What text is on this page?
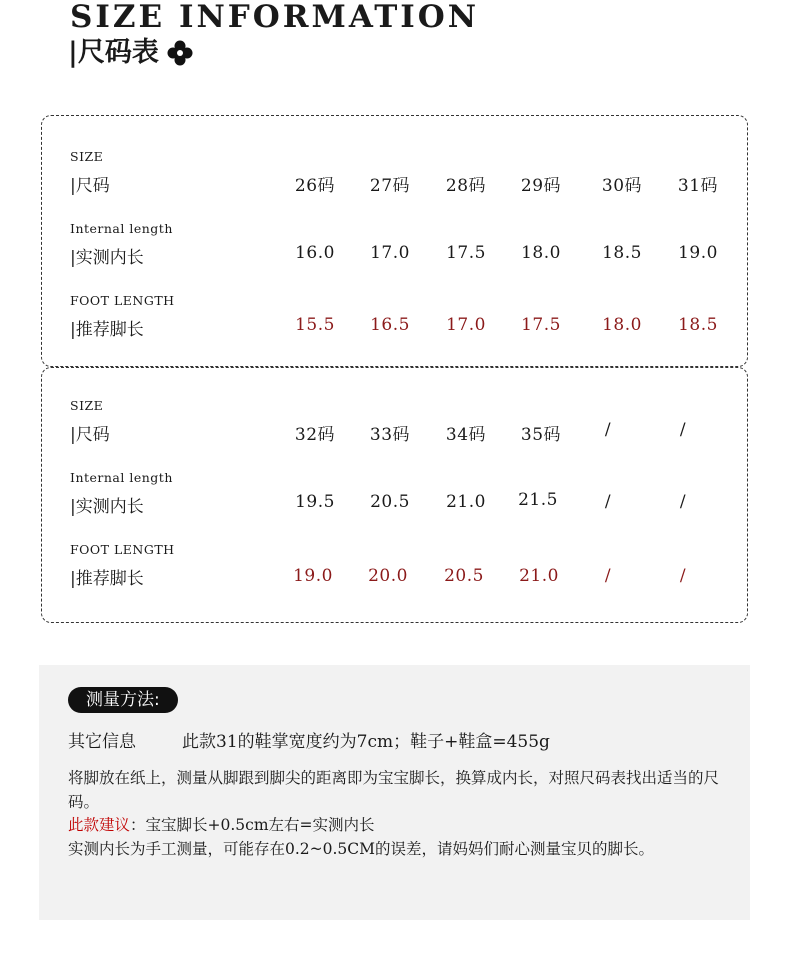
SIZE INFORMATION
|尺码表
SIZE
|尺码	26码	27码	28码	29码	30码	31码
Internal length
|实测内长	16.0	17.0	17.5	18.0	18.5	19.0
FOOT LENGTH
|推荐脚长	15.5	16.5	17.0	17.5	18.0	18.5
SIZE
|尺码	32码	33码	34码	35码	/	/
Internal length
|实测内长	19.5	20.5	21.0	21.5	/	/
FOOT LENGTH
|推荐脚长	19.0	20.0	20.5	21.0	/	/
测量方法:
其它信息	此款31的鞋掌宽度约为7cm；鞋子+鞋盒=455g

将脚放在纸上，测量从脚跟到脚尖的距离即为宝宝脚长，换算成内长，对照尺码表找出适当的尺码。

此款建议：宝宝脚长+0.5cm左右=实测内长

实测内长为手工测量，可能存在0.2~0.5CM的误差，请妈妈们耐心测量宝贝的脚长。
